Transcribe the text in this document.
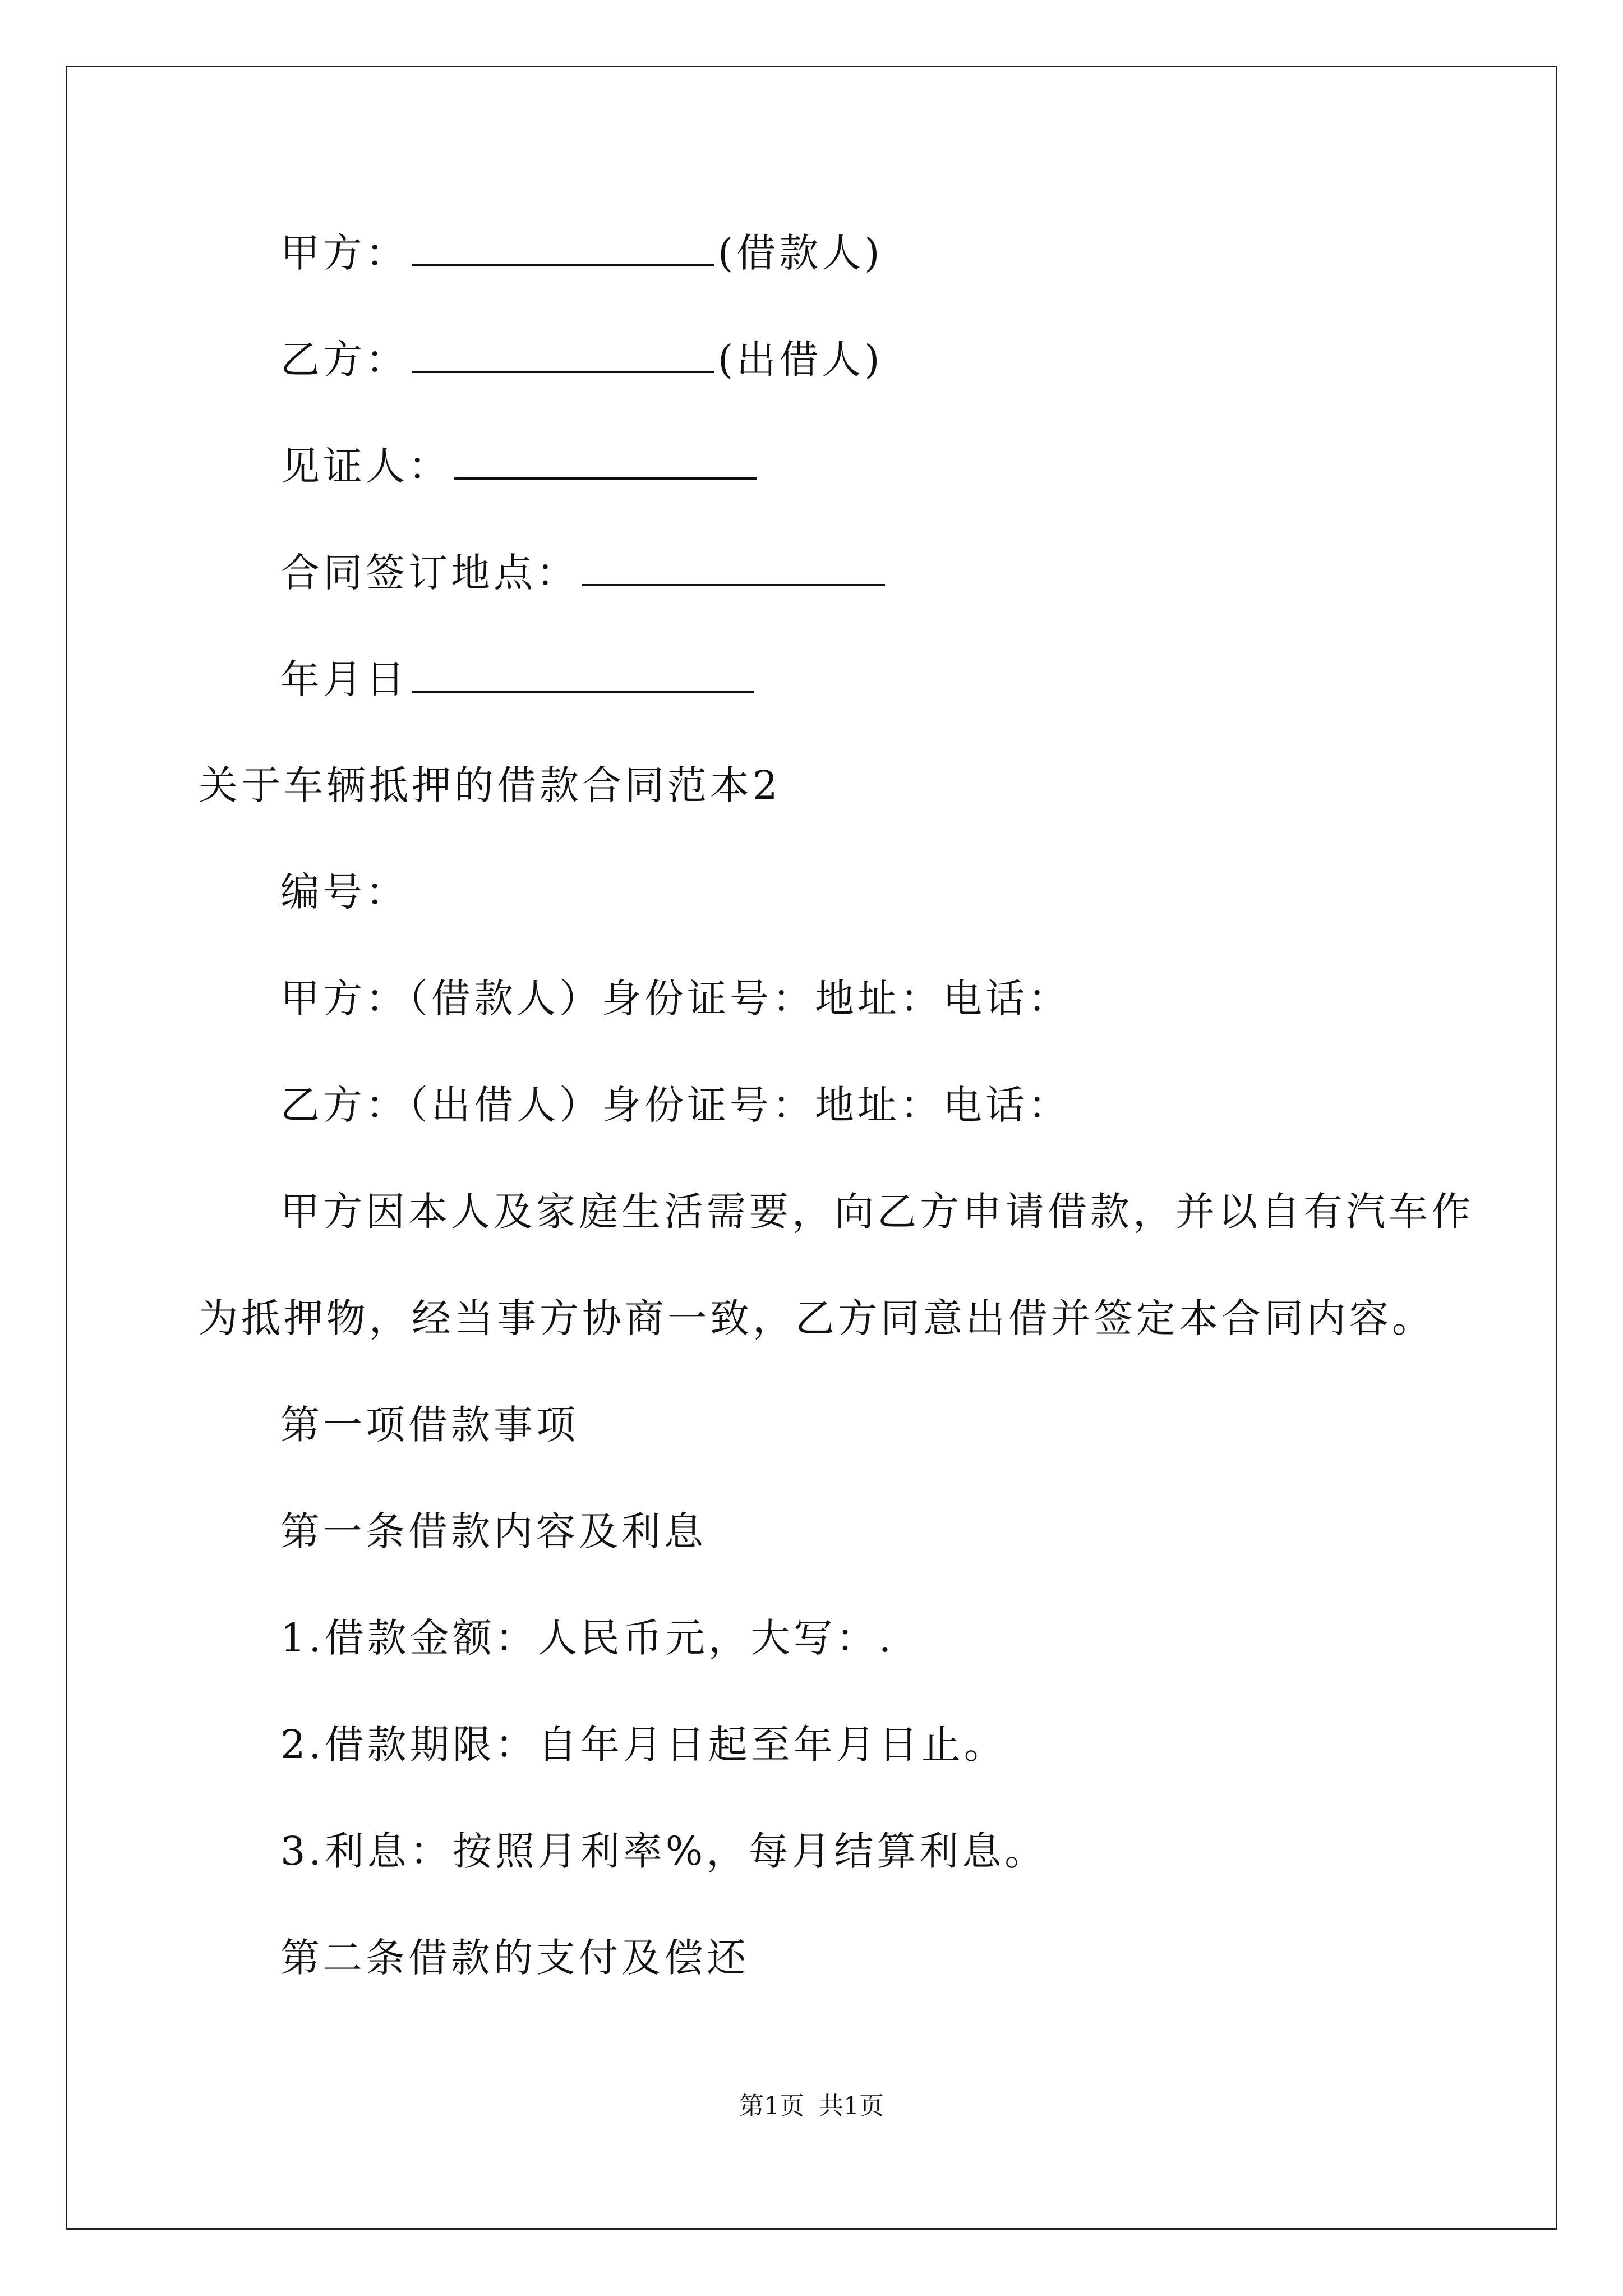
甲方：	(借款人)
乙方：	(出借人)
见证人：
合同签订地点：
年月日
关于车辆抵押的借款合同范本2
编号：
甲方：（借款人）身份证号：地址：电话：
乙方：（出借人）身份证号：地址：电话：
甲方因本人及家庭生活需要，向乙方申请借款，并以自有汽车作
为抵押物，经当事方协商一致，乙方同意出借并签定本合同内容。
第一项借款事项
第一条借款内容及利息
1.借款金额：人民币元，大写：.
2.借款期限：自年月日起至年月日止。
3.利息：按照月利率%，每月结算利息。
第二条借款的支付及偿还
第1页 共1页
